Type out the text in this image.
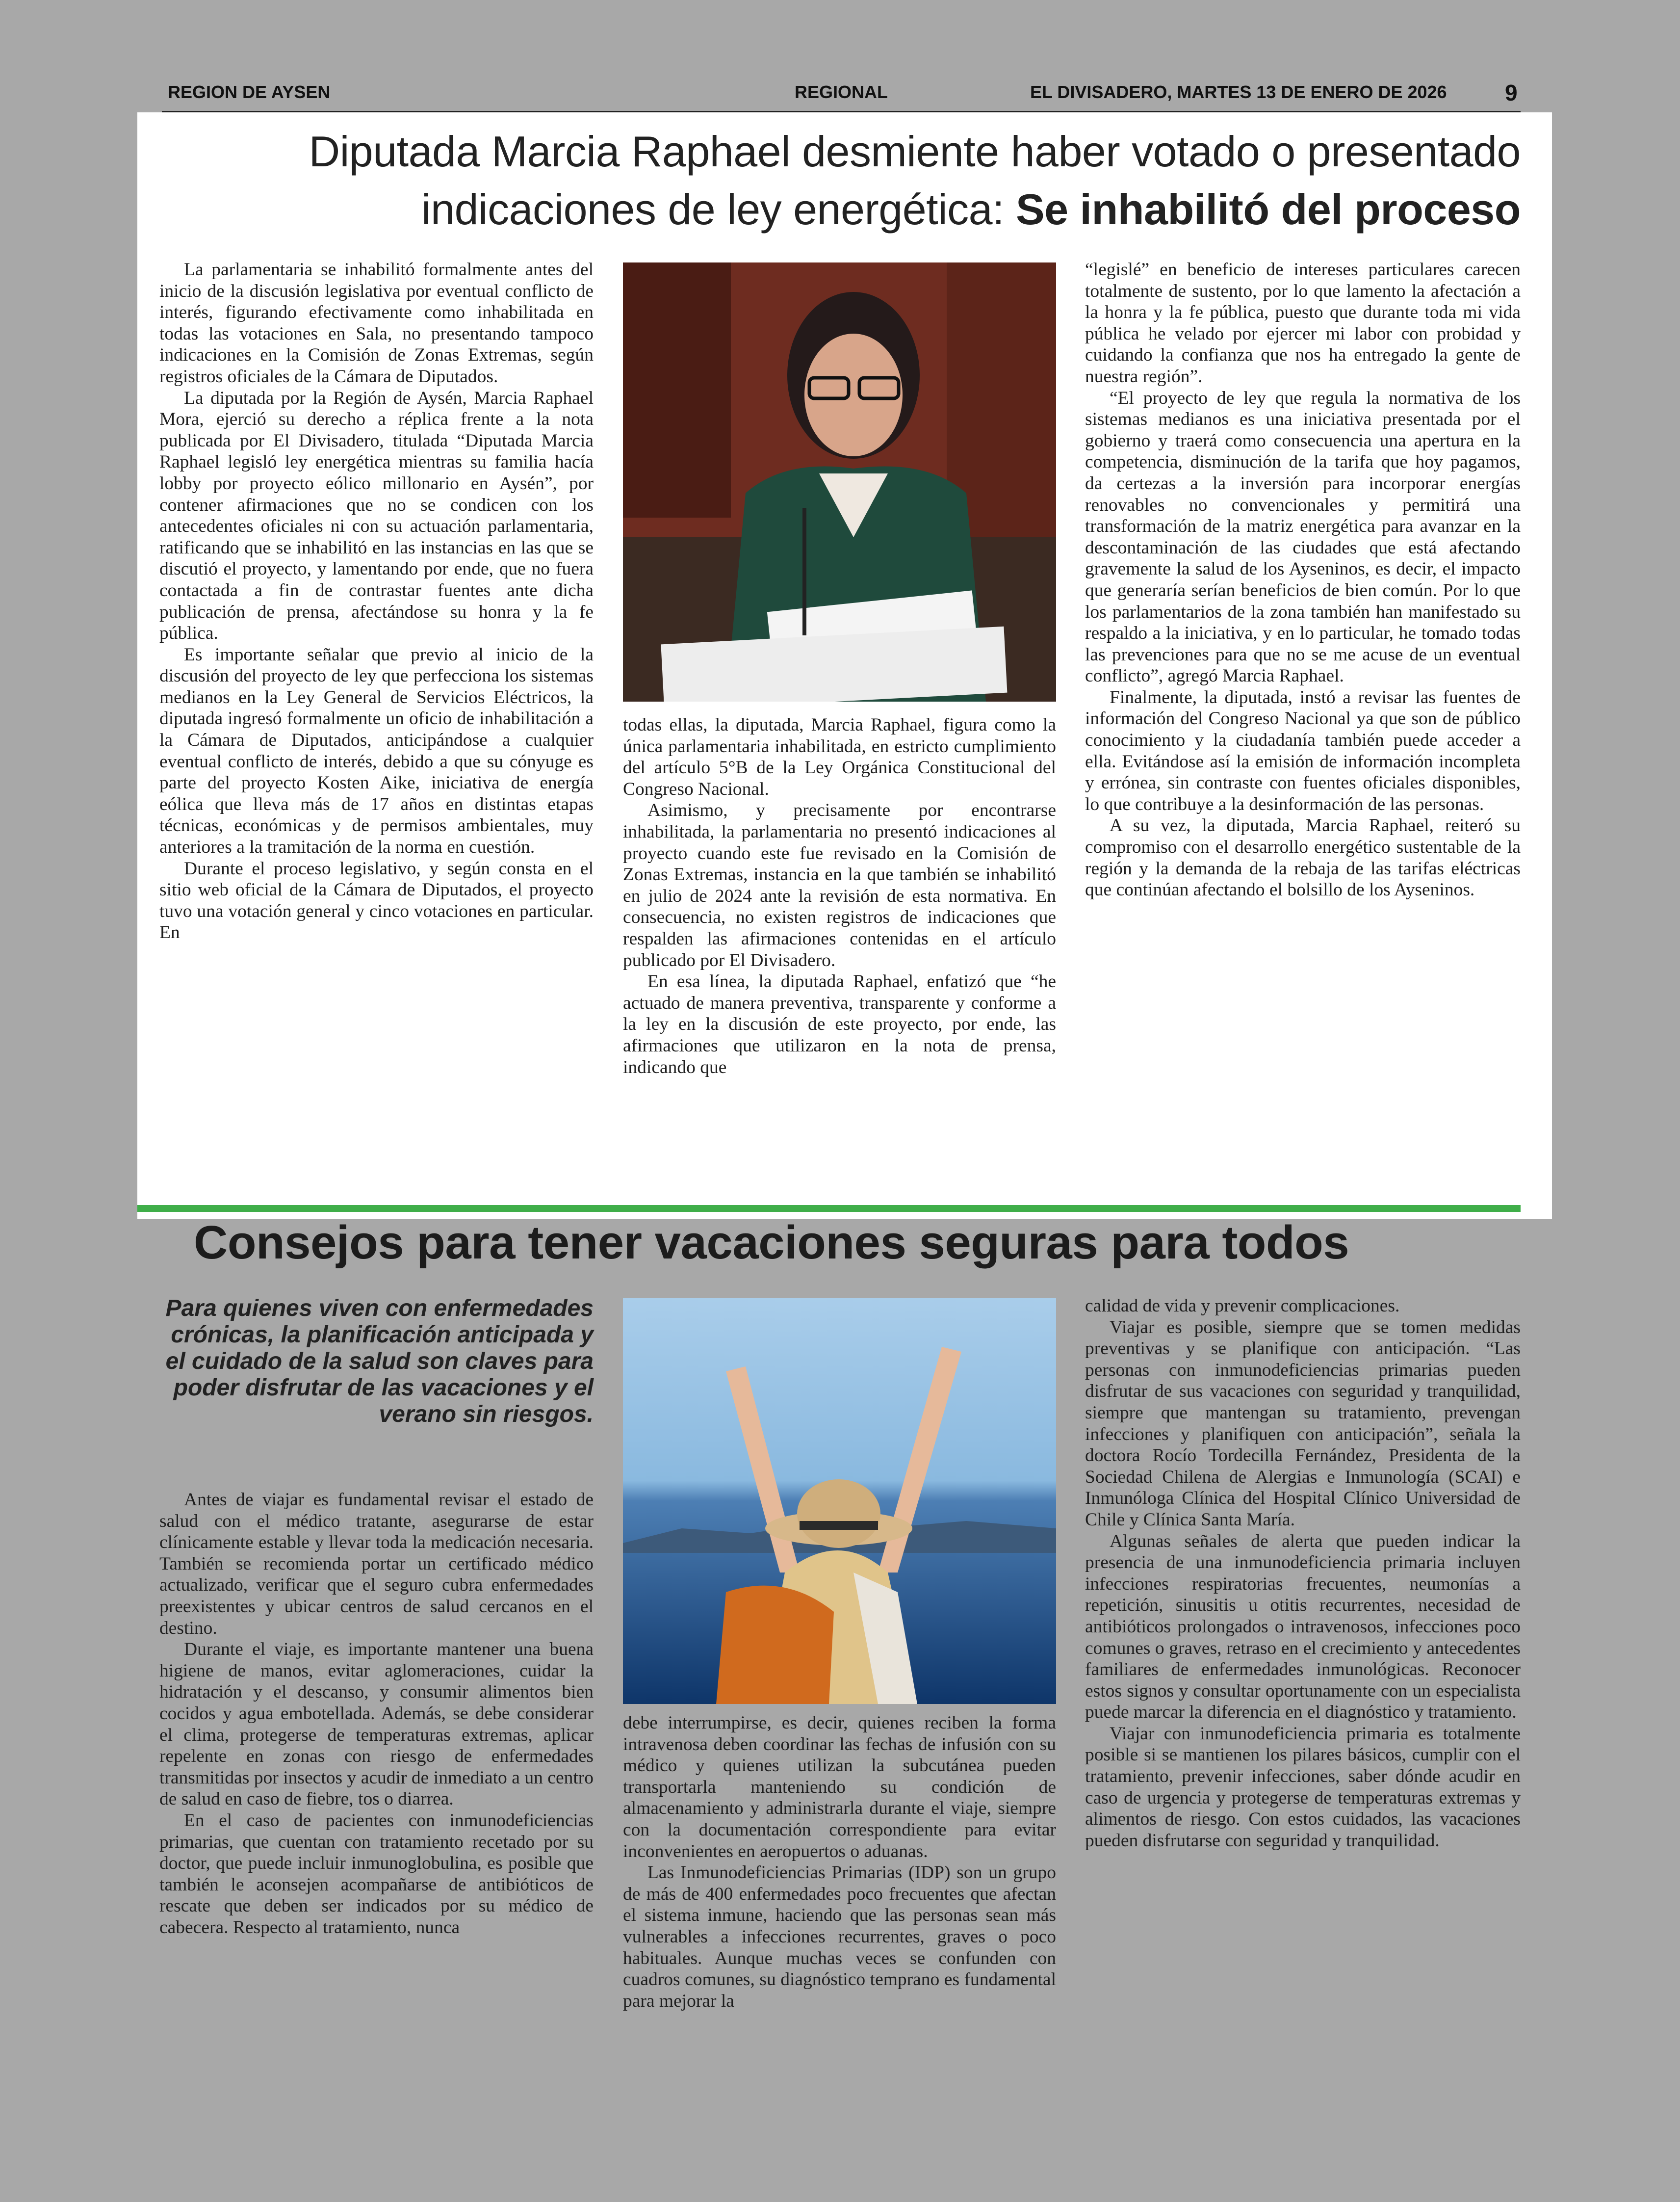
REGION DE AYSEN	REGIONAL	EL DIVISADERO, MARTES 13 DE ENERO DE 2026	9
Diputada Marcia Raphael desmiente haber votado o presentado
indicaciones de ley energética: Se inhabilitó del proceso

La parlamentaria se inhabilitó formalmente antes del inicio de la discusión legislativa por eventual conflicto de interés, figurando efectivamente como inhabilitada en todas las votaciones en Sala, no presentando tampoco indicaciones en la Comisión de Zonas Extremas, según registros oficiales de la Cámara de Diputados.

La diputada por la Región de Aysén, Marcia Raphael Mora, ejerció su derecho a réplica frente a la nota publicada por El Divisadero, titulada “Diputada Marcia Raphael legisló ley energética mientras su familia hacía lobby por proyecto eólico millonario en Aysén”, por contener afirmaciones que no se condicen con los antecedentes oficiales ni con su actuación parlamentaria, ratificando que se inhabilitó en las instancias en las que se discutió el proyecto, y lamentando por ende, que no fuera contactada a fin de contrastar fuentes ante dicha publicación de prensa, afectándose su honra y la fe pública.

Es importante señalar que previo al inicio de la discusión del proyecto de ley que perfecciona los sistemas medianos en la Ley General de Servicios Eléctricos, la diputada ingresó formalmente un oficio de inhabilitación a la Cámara de Diputados, anticipándose a cualquier eventual conflicto de interés, debido a que su cónyuge es parte del proyecto Kosten Aike, iniciativa de energía eólica que lleva más de 17 años en distintas etapas técnicas, económicas y de permisos ambientales, muy anteriores a la tramitación de la norma en cuestión.

Durante el proceso legislativo, y según consta en el sitio web oficial de la Cámara de Diputados, el proyecto tuvo una votación general y cinco votaciones en particular. En

todas ellas, la diputada, Marcia Raphael, figura como la única parlamentaria inhabilitada, en estricto cumplimiento del artículo 5°B de la Ley Orgánica Constitucional del Congreso Nacional.

Asimismo, y precisamente por encontrarse inhabilitada, la parlamentaria no presentó indicaciones al proyecto cuando este fue revisado en la Comisión de Zonas Extremas, instancia en la que también se inhabilitó en julio de 2024 ante la revisión de esta normativa. En consecuencia, no existen registros de indicaciones que respalden las afirmaciones contenidas en el artículo publicado por El Divisadero.

En esa línea, la diputada Raphael, enfatizó que “he actuado de manera preventiva, transparente y conforme a la ley en la discusión de este proyecto, por ende, las afirmaciones que utilizaron en la nota de prensa, indicando que

“legislé” en beneficio de intereses particulares carecen totalmente de sustento, por lo que lamento la afectación a la honra y la fe pública, puesto que durante toda mi vida pública he velado por ejercer mi labor con probidad y cuidando la confianza que nos ha entregado la gente de nuestra región”.

“El proyecto de ley que regula la normativa de los sistemas medianos es una iniciativa presentada por el gobierno y traerá como consecuencia una apertura en la competencia, disminución de la tarifa que hoy pagamos, da certezas a la inversión para incorporar energías renovables no convencionales y permitirá una transformación de la matriz energética para avanzar en la descontaminación de las ciudades que está afectando gravemente la salud de los Ayseninos, es decir, el impacto que generaría serían beneficios de bien común. Por lo que los parlamentarios de la zona también han manifestado su respaldo a la iniciativa, y en lo particular, he tomado todas las prevenciones para que no se me acuse de un eventual conflicto”, agregó Marcia Raphael.

Finalmente, la diputada, instó a revisar las fuentes de información del Congreso Nacional ya que son de público conocimiento y la ciudadanía también puede acceder a ella. Evitándose así la emisión de información incompleta y errónea, sin contraste con fuentes oficiales disponibles, lo que contribuye a la desinformación de las personas.

A su vez, la diputada, Marcia Raphael, reiteró su compromiso con el desarrollo energético sustentable de la región y la demanda de la rebaja de las tarifas eléctricas que continúan afectando el bolsillo de los Ayseninos.

Consejos para tener vacaciones seguras para todos
Para quienes viven con enfermedades crónicas, la planificación anticipada y el cuidado de la salud son claves para poder disfrutar de las vacaciones y el verano sin riesgos.

Antes de viajar es fundamental revisar el estado de salud con el médico tratante, asegurarse de estar clínicamente estable y llevar toda la medicación necesaria. También se recomienda portar un certificado médico actualizado, verificar que el seguro cubra enfermedades preexistentes y ubicar centros de salud cercanos en el destino.

Durante el viaje, es importante mantener una buena higiene de manos, evitar aglomeraciones, cuidar la hidratación y el descanso, y consumir alimentos bien cocidos y agua embotellada. Además, se debe considerar el clima, protegerse de temperaturas extremas, aplicar repelente en zonas con riesgo de enfermedades transmitidas por insectos y acudir de inmediato a un centro de salud en caso de fiebre, tos o diarrea.

En el caso de pacientes con inmunodeficiencias primarias, que cuentan con tratamiento recetado por su doctor, que puede incluir inmunoglobulina, es posible que también le aconsejen acompañarse de antibióticos de rescate que deben ser indicados por su médico de cabecera. Respecto al tratamiento, nunca

debe interrumpirse, es decir, quienes reciben la forma intravenosa deben coordinar las fechas de infusión con su médico y quienes utilizan la subcutánea pueden transportarla manteniendo su condición de almacenamiento y administrarla durante el viaje, siempre con la documentación correspondiente para evitar inconvenientes en aeropuertos o aduanas.

Las Inmunodeficiencias Primarias (IDP) son un grupo de más de 400 enfermedades poco frecuentes que afectan el sistema inmune, haciendo que las personas sean más vulnerables a infecciones recurrentes, graves o poco habituales. Aunque muchas veces se confunden con cuadros comunes, su diagnóstico temprano es fundamental para mejorar la

calidad de vida y prevenir complicaciones.

Viajar es posible, siempre que se tomen medidas preventivas y se planifique con anticipación. “Las personas con inmunodeficiencias primarias pueden disfrutar de sus vacaciones con seguridad y tranquilidad, siempre que mantengan su tratamiento, prevengan infecciones y planifiquen con anticipación”, señala la doctora Rocío Tordecilla Fernández, Presidenta de la Sociedad Chilena de Alergias e Inmunología (SCAI) e Inmunóloga Clínica del Hospital Clínico Universidad de Chile y Clínica Santa María.

Algunas señales de alerta que pueden indicar la presencia de una inmunodeficiencia primaria incluyen infecciones respiratorias frecuentes, neumonías a repetición, sinusitis u otitis recurrentes, necesidad de antibióticos prolongados o intravenosos, infecciones poco comunes o graves, retraso en el crecimiento y antecedentes familiares de enfermedades inmunológicas. Reconocer estos signos y consultar oportunamente con un especialista puede marcar la diferencia en el diagnóstico y tratamiento.

Viajar con inmunodeficiencia primaria es totalmente posible si se mantienen los pilares básicos, cumplir con el tratamiento, prevenir infecciones, saber dónde acudir en caso de urgencia y protegerse de temperaturas extremas y alimentos de riesgo. Con estos cuidados, las vacaciones pueden disfrutarse con seguridad y tranquilidad.
